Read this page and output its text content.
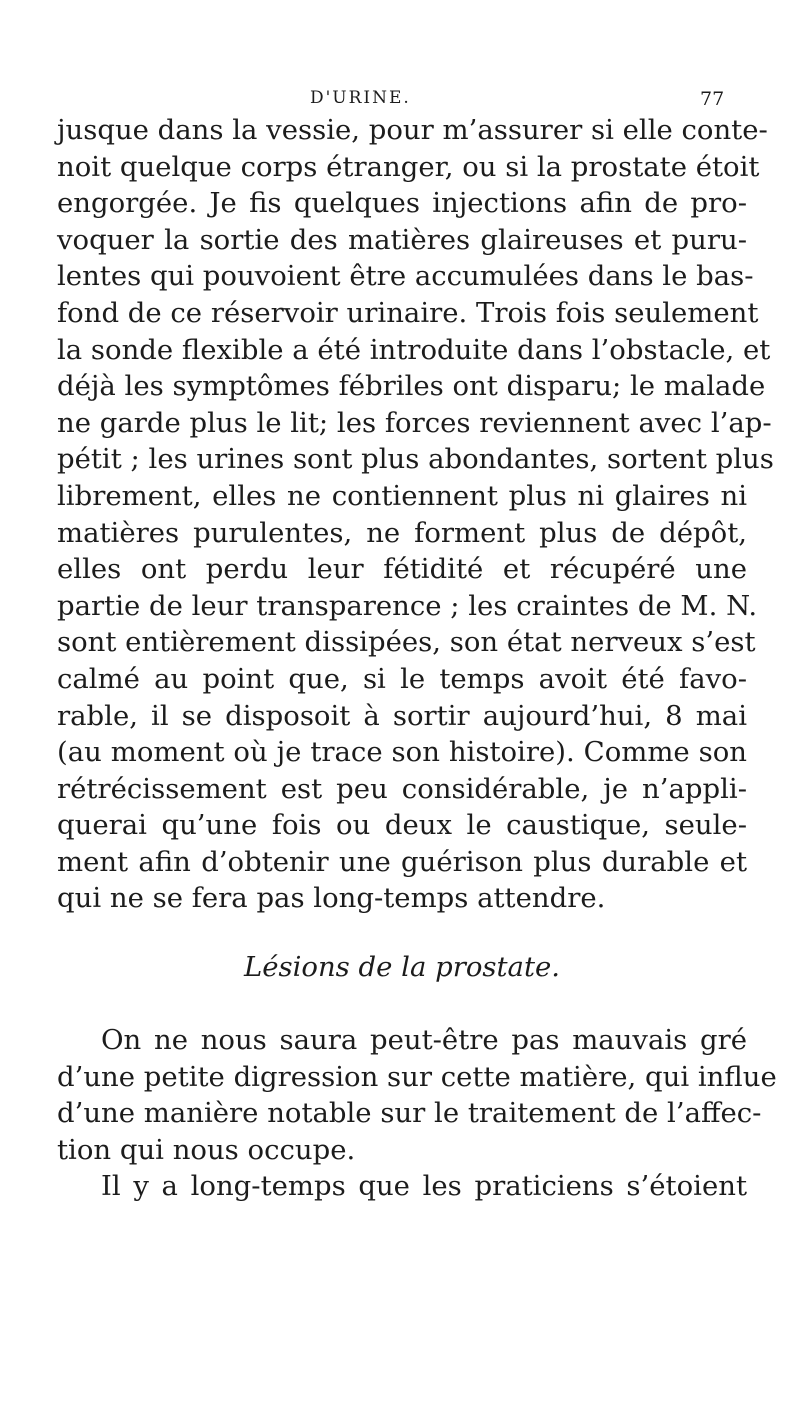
D'URINE.	77
jusque dans la vessie, pour m’assurer si elle conte-
noit quelque corps étranger, ou si la prostate étoit
engorgée. Je fis quelques injections afin de pro-
voquer la sortie des matières glaireuses et puru-
lentes qui pouvoient être accumulées dans le bas-
fond de ce réservoir urinaire. Trois fois seulement
la sonde flexible a été introduite dans l’obstacle, et
déjà les symptômes fébriles ont disparu; le malade
ne garde plus le lit; les forces reviennent avec l’ap-
pétit ; les urines sont plus abondantes, sortent plus
librement, elles ne contiennent plus ni glaires ni
matières purulentes, ne forment plus de dépôt,
elles ont perdu leur fétidité et récupéré une
partie de leur transparence ; les craintes de M. N.
sont entièrement dissipées, son état nerveux s’est
calmé au point que, si le temps avoit été favo-
rable, il se disposoit à sortir aujourd’hui, 8 mai
(au moment où je trace son histoire). Comme son
rétrécissement est peu considérable, je n’appli-
querai qu’une fois ou deux le caustique, seule-
ment afin d’obtenir une guérison plus durable et
qui ne se fera pas long-temps attendre.
Lésions de la prostate.
On ne nous saura peut-être pas mauvais gré
d’une petite digression sur cette matière, qui influe
d’une manière notable sur le traitement de l’affec-
tion qui nous occupe.
Il y a long-temps que les praticiens s’étoient
